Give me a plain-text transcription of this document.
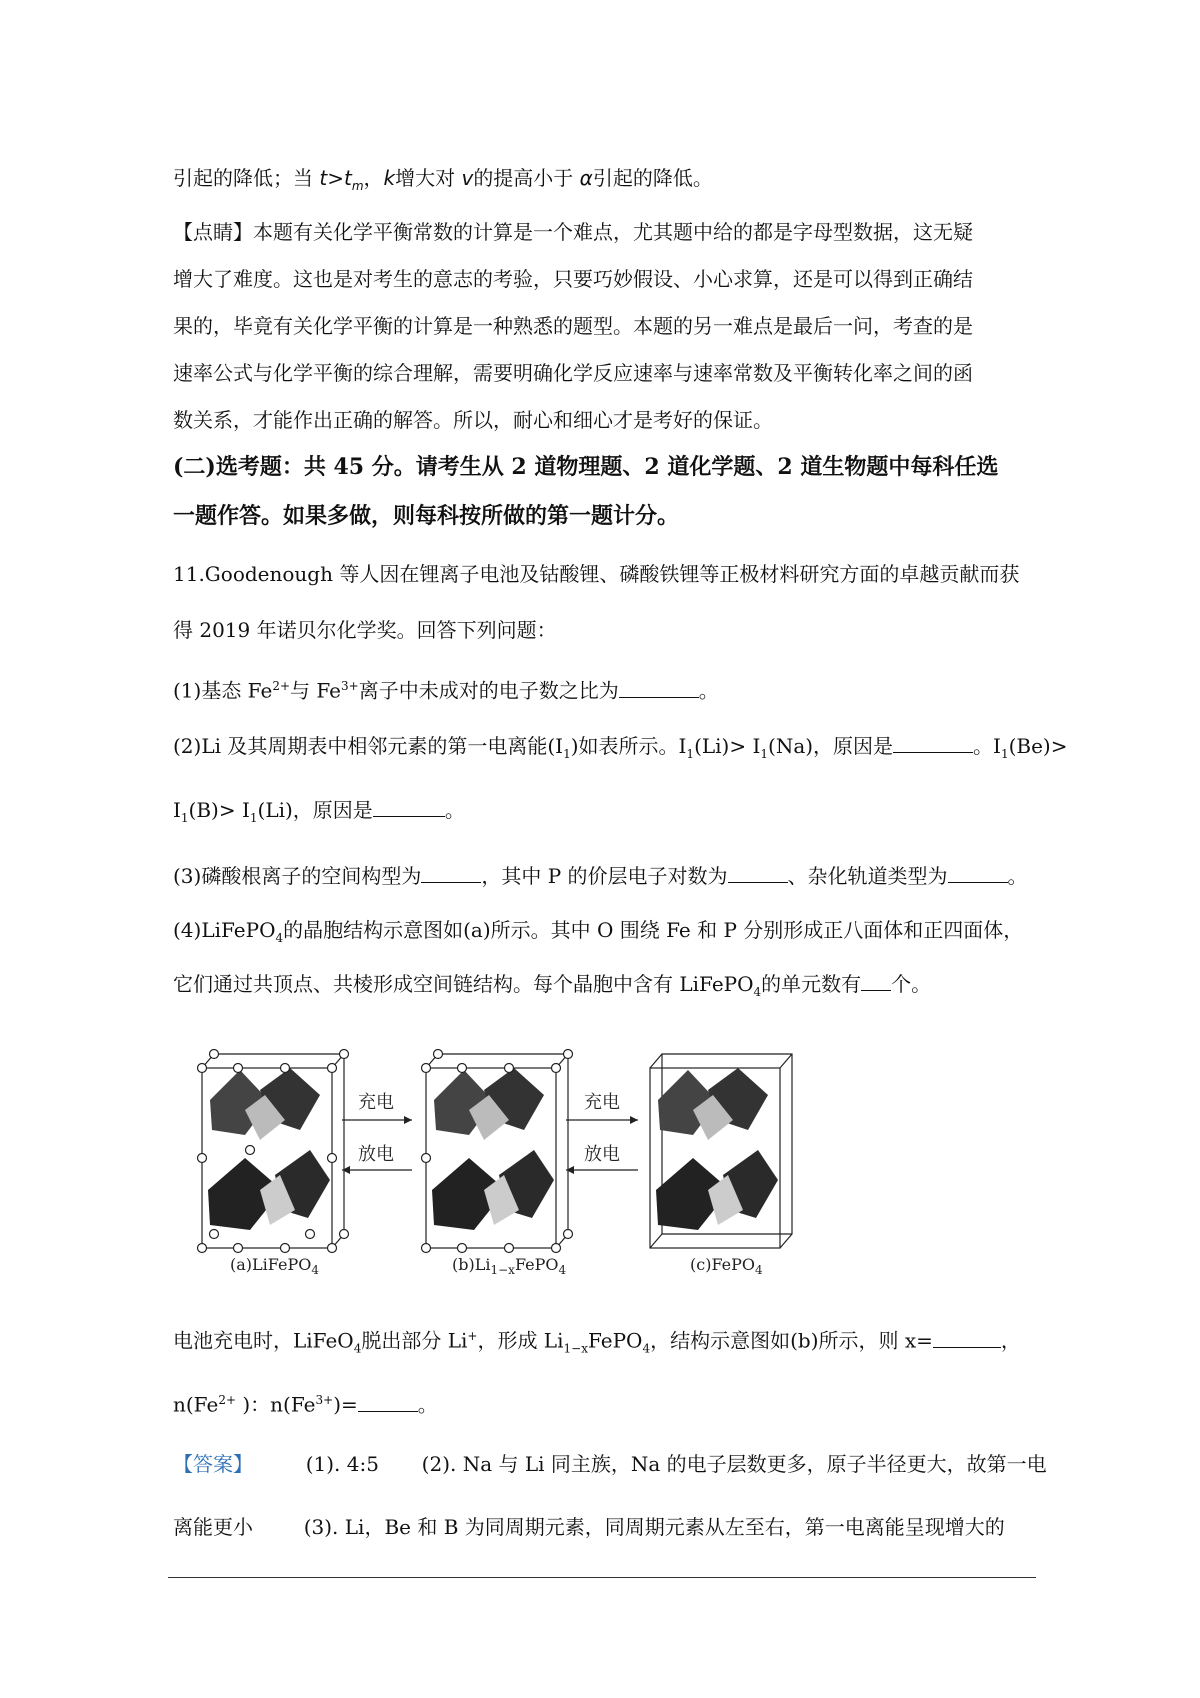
引起的降低；当 $t>t_m$，k增大对 v的提高小于 α引起的降低。
【点睛】本题有关化学平衡常数的计算是一个难点，尤其题中给的都是字母型数据，这无疑
增大了难度。这也是对考生的意志的考验，只要巧妙假设、小心求算，还是可以得到正确结
果的，毕竟有关化学平衡的计算是一种熟悉的题型。本题的另一难点是最后一问，考查的是
速率公式与化学平衡的综合理解，需要明确化学反应速率与速率常数及平衡转化率之间的函
数关系，才能作出正确的解答。所以，耐心和细心才是考好的保证。
(二)选考题：共 45 分。请考生从 2 道物理题、2 道化学题、2 道生物题中每科任选
一题作答。如果多做，则每科按所做的第一题计分。
11.Goodenough 等人因在锂离子电池及钴酸锂、磷酸铁锂等正极材料研究方面的卓越贡献而获
得 2019 年诺贝尔化学奖。回答下列问题：
(1)基态 $Fe^{2+}$与 $Fe^{3+}$离子中未成对的电子数之比为	。
(2)Li 及其周期表中相邻元素的第一电离能$(I_1)$如表所示。$I_1(Li)> I_1(Na)$，原因是	。$I_1(Be)>$
$I_1(B)> I_1(Li)$，原因是	。
(3)磷酸根离子的空间构型为	，其中 P 的价层电子对数为	、杂化轨道类型为	。
(4)LiFePO$_4$的晶胞结构示意图如(a)所示。其中 O 围绕 Fe 和 P 分别形成正八面体和正四面体，
它们通过共顶点、共棱形成空间链结构。每个晶胞中含有 LiFePO$_4$的单元数有 个。
充电
放电
充电
放电
(a)LiFePO$_4$	$(b)Li_{1-x}FePO_4$	(c)FePO$_4$
电池充电时，LiFeO$_4$脱出部分 Li+，形成 $Li_{1-x}FePO_4$，结构示意图如(b)所示，则 x=	，
$n(Fe^{2+}$ )：$n(Fe^{3+})=$	。
【答案】	(1). 4:5 (2). Na 与 Li 同主族，Na 的电子层数更多，原子半径更大，故第一电
离能更小	(3). Li，Be 和 B 为同周期元素，同周期元素从左至右，第一电离能呈现增大的
